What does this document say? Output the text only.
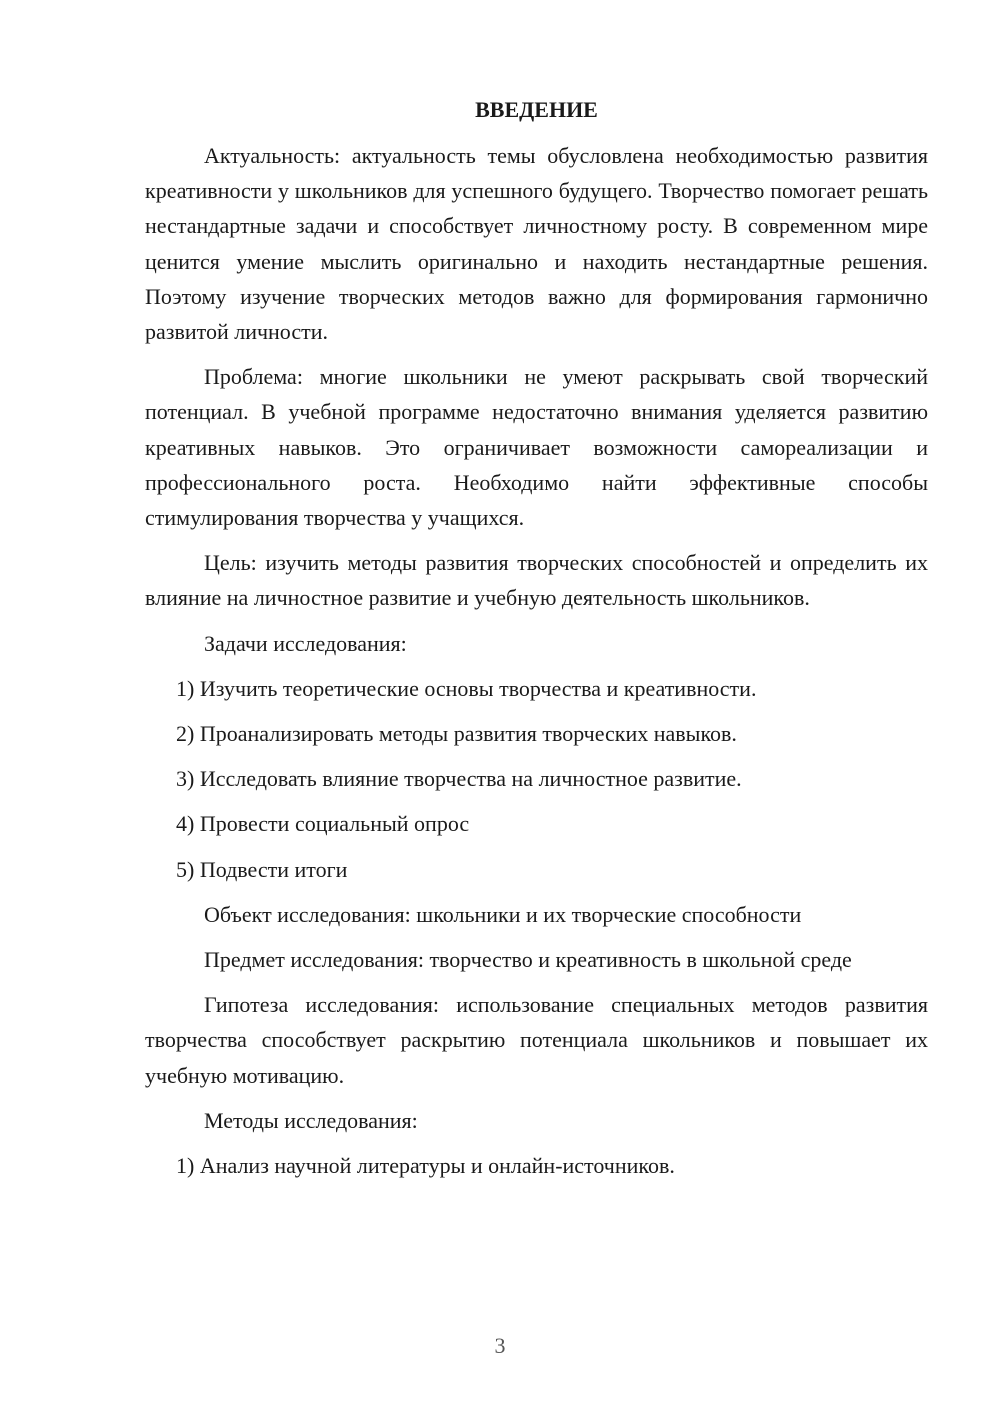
ВВЕДЕНИЕ

Актуальность: актуальность темы обусловлена необходимостью развития креативности у школьников для успешного будущего. Творчество помогает решать нестандартные задачи и способствует личностному росту. В современном мире ценится умение мыслить оригинально и находить нестандартные решения. Поэтому изучение творческих методов важно для формирования гармонично развитой личности.

Проблема: многие школьники не умеют раскрывать свой творческий потенциал. В учебной программе недостаточно внимания уделяется развитию креативных навыков. Это ограничивает возможности самореализации и профессионального роста. Необходимо найти эффективные способы стимулирования творчества у учащихся.

Цель: изучить методы развития творческих способностей и определить их влияние на личностное развитие и учебную деятельность школьников.

Задачи исследования:

1) Изучить теоретические основы творчества и креативности.
2) Проанализировать методы развития творческих навыков.
3) Исследовать влияние творчества на личностное развитие.
4) Провести социальный опрос
5) Подвести итоги

Объект исследования: школьники и их творческие способности

Предмет исследования: творчество и креативность в школьной среде

Гипотеза исследования: использование специальных методов развития творчества способствует раскрытию потенциала школьников и повышает их учебную мотивацию.

Методы исследования:

1) Анализ научной литературы и онлайн-источников.
3
